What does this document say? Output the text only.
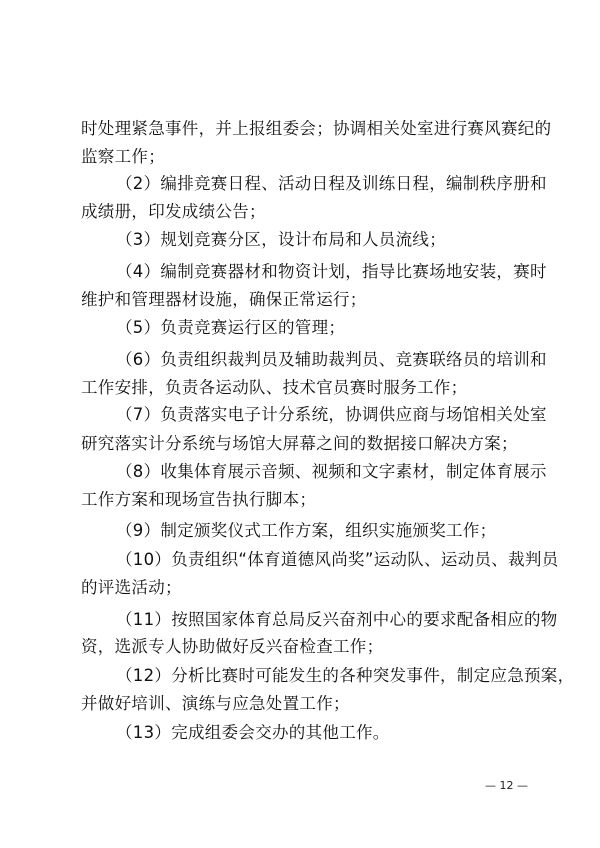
时处理紧急事件，并上报组委会；协调相关处室进行赛风赛纪的
监察工作；
（2）编排竞赛日程、活动日程及训练日程，编制秩序册和
成绩册，印发成绩公告；
（3）规划竞赛分区，设计布局和人员流线；
（4）编制竞赛器材和物资计划，指导比赛场地安装，赛时
维护和管理器材设施，确保正常运行；
（5）负责竞赛运行区的管理；
（6）负责组织裁判员及辅助裁判员、竞赛联络员的培训和
工作安排，负责各运动队、技术官员赛时服务工作；
（7）负责落实电子计分系统，协调供应商与场馆相关处室
研究落实计分系统与场馆大屏幕之间的数据接口解决方案；
（8）收集体育展示音频、视频和文字素材，制定体育展示
工作方案和现场宣告执行脚本；
（9）制定颁奖仪式工作方案，组织实施颁奖工作；
（10）负责组织“体育道德风尚奖”运动队、运动员、裁判员
的评选活动；
（11）按照国家体育总局反兴奋剂中心的要求配备相应的物
资，选派专人协助做好反兴奋检查工作；
（12）分析比赛时可能发生的各种突发事件，制定应急预案，
并做好培训、演练与应急处置工作；
（13）完成组委会交办的其他工作。
— 12 —
